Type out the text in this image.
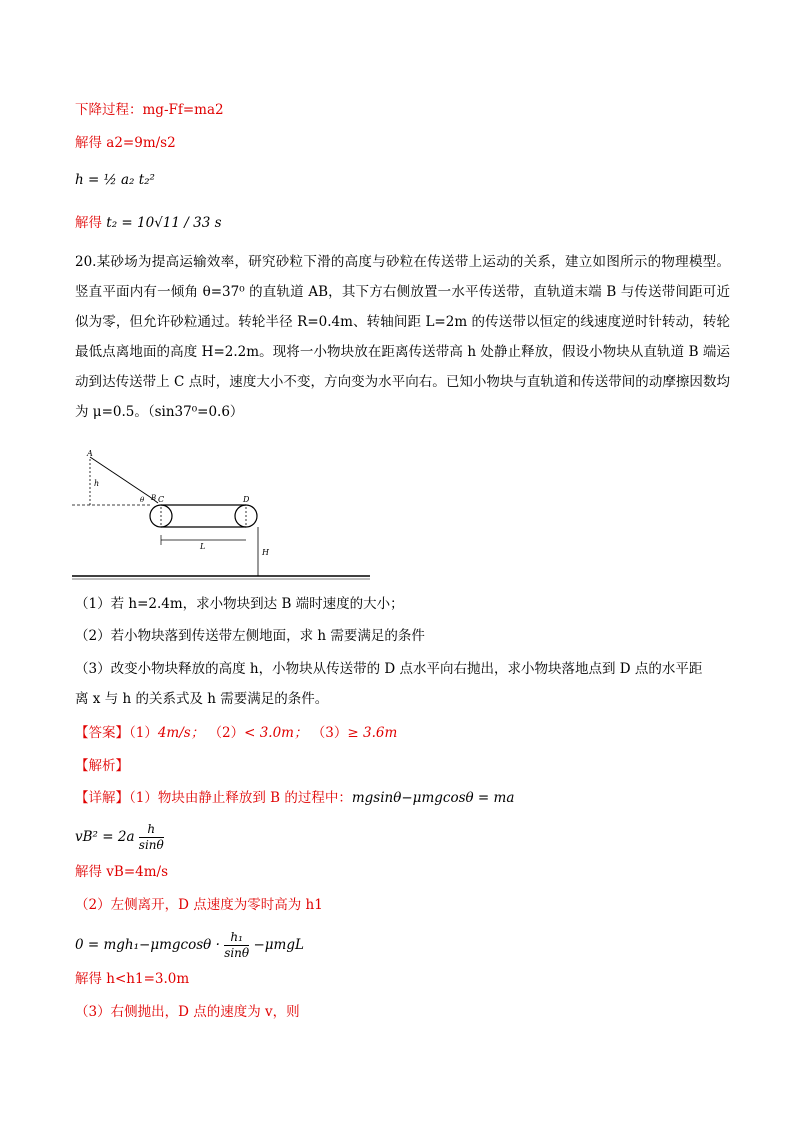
下降过程：mg-Ff=ma2
解得 a2=9m/s2
h = ½ a₂ t₂²
解得 t₂ = 10√11 / 33 s
20.某砂场为提高运输效率，研究砂粒下滑的高度与砂粒在传送带上运动的关系，建立如图所示的物理模型。竖直平面内有一倾角 θ=37⁰ 的直轨道 AB，其下方右侧放置一水平传送带，直轨道末端 B 与传送带间距可近似为零，但允许砂粒通过。转轮半径 R=0.4m、转轴间距 L=2m 的传送带以恒定的线速度逆时针转动，转轮最低点离地面的高度 H=2.2m。现将一小物块放在距离传送带高 h 处静止释放，假设小物块从直轨道 B 端运动到达传送带上 C 点时，速度大小不变，方向变为水平向右。已知小物块与直轨道和传送带间的动摩擦因数均为 μ=0.5。（sin37⁰=0.6）
A
h
θ B C	D
L
H
（1）若 h=2.4m，求小物块到达 B 端时速度的大小；
（2）若小物块落到传送带左侧地面，求 h 需要满足的条件
（3）改变小物块释放的高度 h，小物块从传送带的 D 点水平向右抛出，求小物块落地点到 D 点的水平距
离 x 与 h 的关系式及 h 需要满足的条件。
【答案】（1）4m/s； （2）< 3.0m； （3）≥ 3.6m
【解析】
【详解】（1）物块由静止释放到 B 的过程中：mgsinθ−μmgcosθ = ma
$vB^2 = 2a \frac{h}{\sin\theta}$
解得 vB=4m/s
（2）左侧离开，D 点速度为零时高为 h1
$0 = mgh_1-\mu mgcos\theta \cdot \frac{\text{h₁}}{\sin\theta} -\mu mgL$
解得 h<h1=3.0m
（3）右侧抛出，D 点的速度为 v，则
